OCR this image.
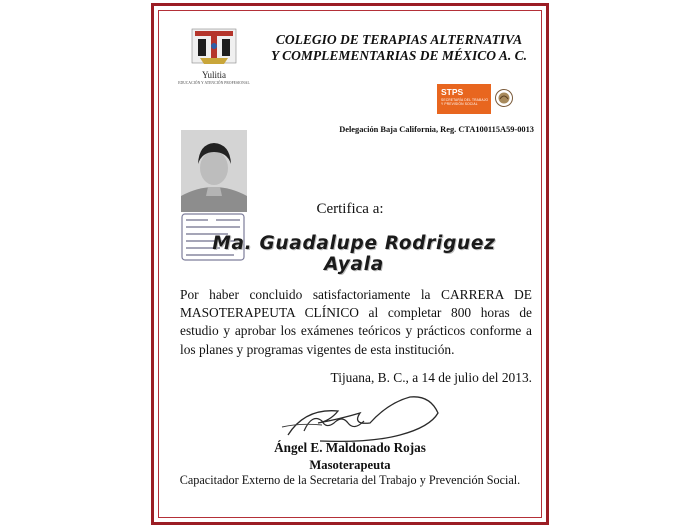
Yulitia
EDUCACIÓN Y ATENCIÓN PROFESIONAL
COLEGIO DE TERAPIAS ALTERNATIVA
Y COMPLEMENTARIAS DE MÉXICO A. C.
STPS
SECRETARÍA DEL TRABAJO Y PREVISIÓN SOCIAL
Delegación Baja California, Reg. CTA100115A59-0013
Certifica a:
Ma. Guadalupe Rodriguez Ayala
Por haber concluido satisfactoriamente la CARRERA DE MASOTERAPEUTA CLÍNICO al completar 800 horas de estudio y aprobar los exámenes teóricos y prácticos conforme a los planes y programas vigentes de esta institución.
Tijuana, B. C., a 14 de julio del 2013.
Ángel E. Maldonado Rojas
Masoterapeuta
Capacitador Externo de la Secretaria del Trabajo y Prevención Social.
